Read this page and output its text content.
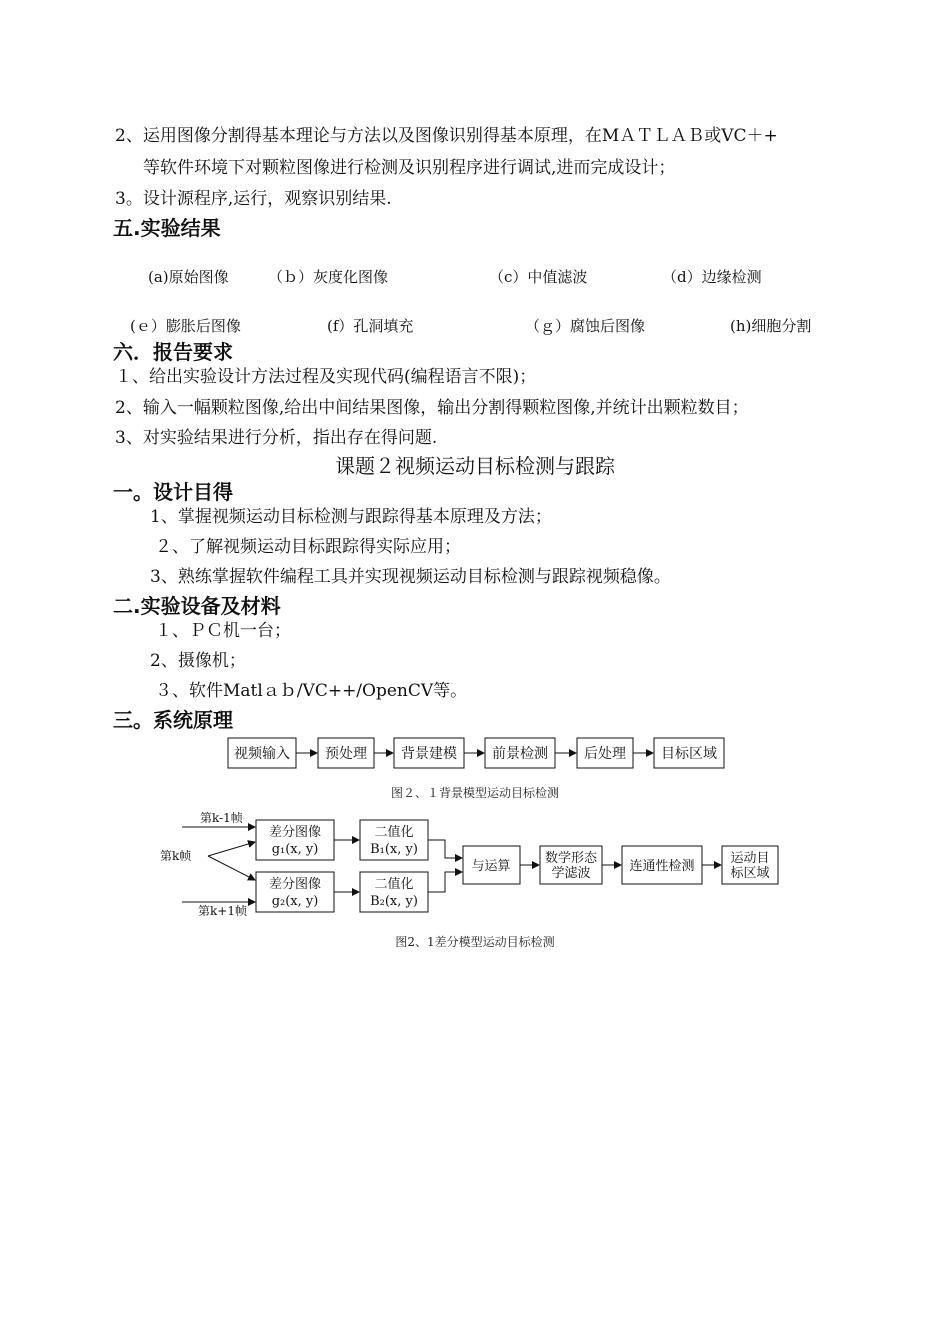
2、运用图像分割得基本理论与方法以及图像识别得基本原理，在MＡＴＬＡＢ或VC＋+
等软件环境下对颗粒图像进行检测及识别程序进行调试,进而完成设计；
3。设计源程序,运行，观察识别结果.
五.实验结果
(a)原始图像	（ｂ）灰度化图像	（c）中值滤波	（d）边缘检测
(ｅ）膨胀后图像	(f）孔洞填充	（ｇ）腐蚀后图像	(h)细胞分割
六．报告要求
１、给出实验设计方法过程及实现代码(编程语言不限)；
2、输入一幅颗粒图像,给出中间结果图像，输出分割得颗粒图像,并统计出颗粒数目；
3、对实验结果进行分析，指出存在得问题.
课题２视频运动目标检测与跟踪
一。设计目得
1、掌握视频运动目标检测与跟踪得基本原理及方法；
２、了解视频运动目标跟踪得实际应用；
3、熟练掌握软件编程工具并实现视频运动目标检测与跟踪视频稳像。
二.实验设备及材料
１、ＰＣ机一台；
2、摄像机；
３、软件Matlａｂ/VC++/OpenCV等。
三。系统原理
视频输入	预处理 背景建模	前景检测	后处理	目标区域
图２、１背景模型运动目标检测
第k-1帧
第k帧
第k+1帧
差分图像
g₁(x, y)
差分图像
g₂(x, y)
二值化
B₁(x, y)
二值化
B₂(x, y)
与运算
数学形态
学滤波	连通性检测
运动目
标区域
图2、1差分模型运动目标检测
